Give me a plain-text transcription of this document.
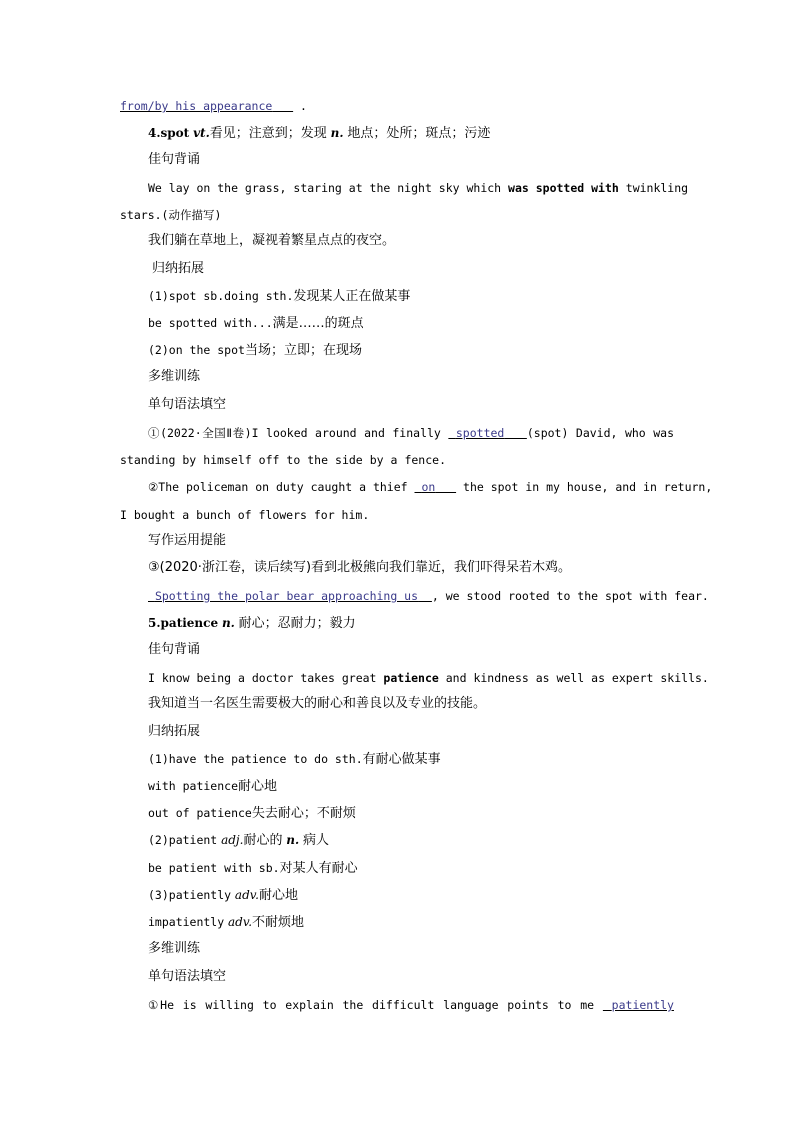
from/by his appearance .
4.spot vt.看见；注意到；发现 n. 地点；处所；斑点；污迹
佳句背诵
We lay on the grass, staring at the night sky which was spotted with twinkling
stars.(动作描写)
我们躺在草地上，凝视着繁星点点的夜空。
归纳拓展
(1)spot sb.doing sth.发现某人正在做某事
be spotted with...满是……的斑点
(2)on the spot当场；立即；在现场
多维训练
单句语法填空
①(2022·全国Ⅱ卷)I looked around and finally spotted (spot) David, who was
standing by himself off to the side by a fence.
②The policeman on duty caught a thief on the spot in my house, and in return,
I bought a bunch of flowers for him.
写作运用提能
③(2020·浙江卷，读后续写)看到北极熊向我们靠近，我们吓得呆若木鸡。
Spotting the polar bear approaching us , we stood rooted to the spot with fear.
5.patience n. 耐心；忍耐力；毅力
佳句背诵
I know being a doctor takes great patience and kindness as well as expert skills.
我知道当一名医生需要极大的耐心和善良以及专业的技能。
归纳拓展
(1)have the patience to do sth.有耐心做某事
with patience耐心地
out of patience失去耐心；不耐烦
(2)patient adj.耐心的 n. 病人
be patient with sb.对某人有耐心
(3)patiently adv.耐心地
impatiently adv.不耐烦地
多维训练
单句语法填空
①He is willing to explain the difficult language points to me patiently
